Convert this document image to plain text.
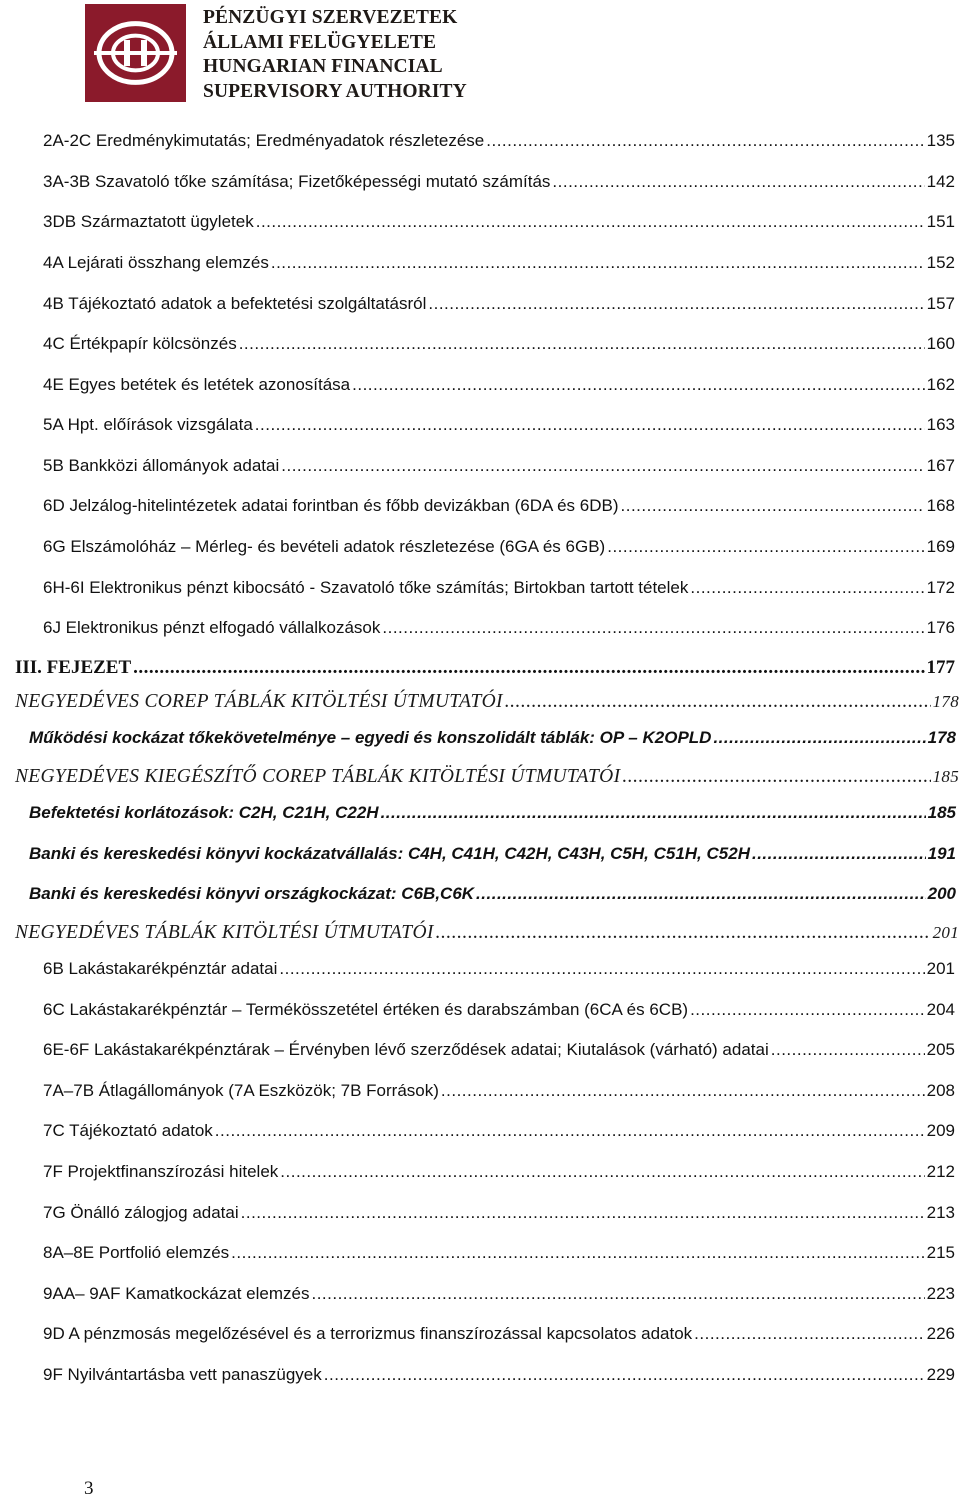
PÉNZÜGYI SZERVEZETEK
ÁLLAMI FELÜGYELETE
HUNGARIAN FINANCIAL
SUPERVISORY AUTHORITY
2A-2C Eredménykimutatás; Eredményadatok részletezése .....	135
3A-3B Szavatoló tőke számítása; Fizetőképességi mutató számítás .....	142
3DB Származtatott ügyletek .....	151
4A Lejárati összhang elemzés .....	152
4B Tájékoztató adatok a befektetési szolgáltatásról .....	157
4C Értékpapír kölcsönzés .....	160
4E Egyes betétek és letétek azonosítása .....	162
5A Hpt. előírások vizsgálata .....	163
5B Bankközi állományok adatai .....	167
6D Jelzálog-hitelintézetek adatai forintban és főbb devizákban (6DA és 6DB) .....	168
6G Elszámolóház – Mérleg- és bevételi adatok részletezése (6GA és 6GB) .....	169
6H-6I Elektronikus pénzt kibocsátó - Szavatoló tőke számítás; Birtokban tartott tételek .....	172
6J Elektronikus pénzt elfogadó vállalkozások .....	176
III. FEJEZET .....	177
NEGYEDÉVES COREP TÁBLÁK KITÖLTÉSI ÚTMUTATÓI .....	178
Működési kockázat tőkekövetelménye – egyedi és konszolidált táblák: OP – K2OPLD .....	178
NEGYEDÉVES KIEGÉSZÍTŐ COREP TÁBLÁK KITÖLTÉSI ÚTMUTATÓI .....	185
Befektetési korlátozások: C2H, C21H, C22H .....	185
Banki és kereskedési könyvi kockázatvállalás: C4H, C41H, C42H, C43H, C5H, C51H, C52H .....	191
Banki és kereskedési könyvi országkockázat: C6B,C6K .....	200
NEGYEDÉVES TÁBLÁK KITÖLTÉSI ÚTMUTATÓI .....	201
6B Lakástakarékpénztár adatai .....	201
6C Lakástakarékpénztár – Termékösszetétel értéken és darabszámban (6CA és 6CB) .....	204
6E-6F Lakástakarékpénztárak – Érvényben lévő szerződések adatai; Kiutalások (várható) adatai .....	205
7A–7B Átlagállományok (7A Eszközök; 7B Források) .....	208
7C Tájékoztató adatok .....	209
7F Projektfinanszírozási hitelek .....	212
7G Önálló zálogjog adatai .....	213
8A–8E Portfolió elemzés .....	215
9AA– 9AF Kamatkockázat elemzés .....	223
9D A pénzmosás megelőzésével és a terrorizmus finanszírozással kapcsolatos adatok .....	226
9F Nyilvántartásba vett panaszügyek .....	229
3
